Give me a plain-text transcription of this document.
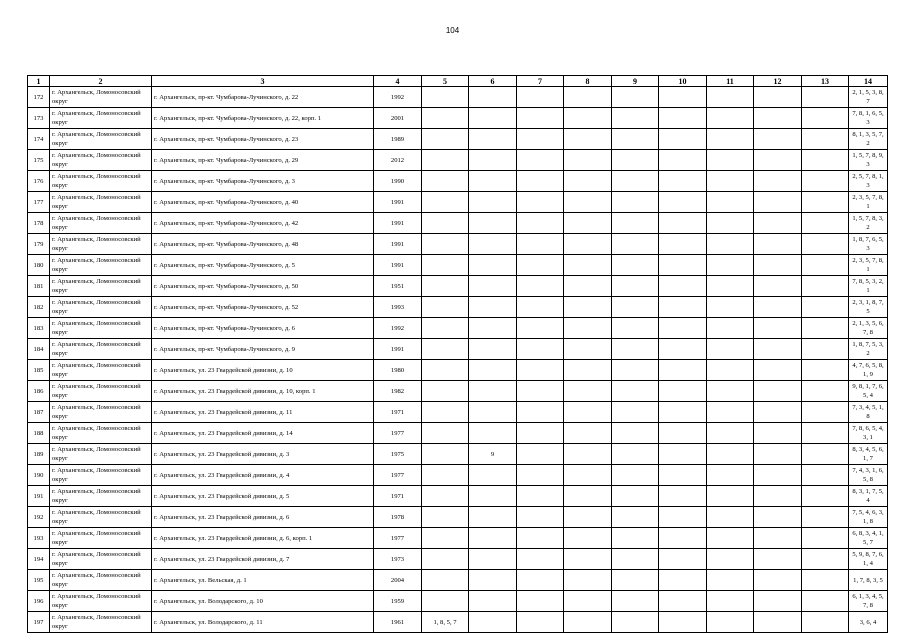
104
1	2	3	4	5	6	7	8	9	10	11	12	13	14
172	г. Архангельск, Ломоносовский округ	г. Архангельск, пр-кт. Чумбарова-Лучинского, д. 22	1992										2, 1, 5, 3, 8, 7
173	г. Архангельск, Ломоносовский округ	г. Архангельск, пр-кт. Чумбарова-Лучинского, д. 22, корп. 1	2001										7, 8, 1, 6, 5, 3
174	г. Архангельск, Ломоносовский округ	г. Архангельск, пр-кт. Чумбарова-Лучинского, д. 23	1989										8, 1, 3, 5, 7, 2
175	г. Архангельск, Ломоносовский округ	г. Архангельск, пр-кт. Чумбарова-Лучинского, д. 29	2012										1, 5, 7, 8, 9, 3
176	г. Архангельск, Ломоносовский округ	г. Архангельск, пр-кт. Чумбарова-Лучинского, д. 3	1990										2, 5, 7, 8, 1, 3
177	г. Архангельск, Ломоносовский округ	г. Архангельск, пр-кт. Чумбарова-Лучинского, д. 40	1991										2, 3, 5, 7, 8, 1
178	г. Архангельск, Ломоносовский округ	г. Архангельск, пр-кт. Чумбарова-Лучинского, д. 42	1991										1, 5, 7, 8, 3, 2
179	г. Архангельск, Ломоносовский округ	г. Архангельск, пр-кт. Чумбарова-Лучинского, д. 48	1991										1, 8, 7, 6, 5, 3
180	г. Архангельск, Ломоносовский округ	г. Архангельск, пр-кт. Чумбарова-Лучинского, д. 5	1991										2, 3, 5, 7, 8, 1
181	г. Архангельск, Ломоносовский округ	г. Архангельск, пр-кт. Чумбарова-Лучинского, д. 50	1951										7, 8, 5, 3, 2, 1
182	г. Архангельск, Ломоносовский округ	г. Архангельск, пр-кт. Чумбарова-Лучинского, д. 52	1993										2, 3, 1, 8, 7, 5
183	г. Архангельск, Ломоносовский округ	г. Архангельск, пр-кт. Чумбарова-Лучинского, д. 6	1992										2, 1, 3, 5, 6, 7, 8
184	г. Архангельск, Ломоносовский округ	г. Архангельск, пр-кт. Чумбарова-Лучинского, д. 9	1991										1, 8, 7, 5, 3, 2
185	г. Архангельск, Ломоносовский округ	г. Архангельск, ул. 23 Гвардейской дивизии, д. 10	1980										4, 7, 6, 5, 8, 1, 9
186	г. Архангельск, Ломоносовский округ	г. Архангельск, ул. 23 Гвардейской дивизии, д. 10, корп. 1	1982										9, 8, 1, 7, 6, 5, 4
187	г. Архангельск, Ломоносовский округ	г. Архангельск, ул. 23 Гвардейской дивизии, д. 11	1971										7, 3, 4, 5, 1, 8
188	г. Архангельск, Ломоносовский округ	г. Архангельск, ул. 23 Гвардейской дивизии, д. 14	1977										7, 8, 6, 5, 4, 3, 1
189	г. Архангельск, Ломоносовский округ	г. Архангельск, ул. 23 Гвардейской дивизии, д. 3	1975		9								8, 3, 4, 5, 6, 1, 7
190	г. Архангельск, Ломоносовский округ	г. Архангельск, ул. 23 Гвардейской дивизии, д. 4	1977										7, 4, 3, 1, 6, 5, 8
191	г. Архангельск, Ломоносовский округ	г. Архангельск, ул. 23 Гвардейской дивизии, д. 5	1971										8, 3, 1, 7, 5, 4
192	г. Архангельск, Ломоносовский округ	г. Архангельск, ул. 23 Гвардейской дивизии, д. 6	1978										7, 5, 4, 6, 3, 1, 8
193	г. Архангельск, Ломоносовский округ	г. Архангельск, ул. 23 Гвардейской дивизии, д. 6, корп. 1	1977										6, 8, 3, 4, 1, 5, 7
194	г. Архангельск, Ломоносовский округ	г. Архангельск, ул. 23 Гвардейской дивизии, д. 7	1973										5, 9, 8, 7, 6, 1, 4
195	г. Архангельск, Ломоносовский округ	г. Архангельск, ул. Вельская, д. 1	2004										1, 7, 8, 3, 5
196	г. Архангельск, Ломоносовский округ	г. Архангельск, ул. Володарского, д. 10	1959										6, 1, 3, 4, 5, 7, 8
197	г. Архангельск, Ломоносовский округ	г. Архангельск, ул. Володарского, д. 11	1961	1, 8, 5, 7									3, 6, 4
